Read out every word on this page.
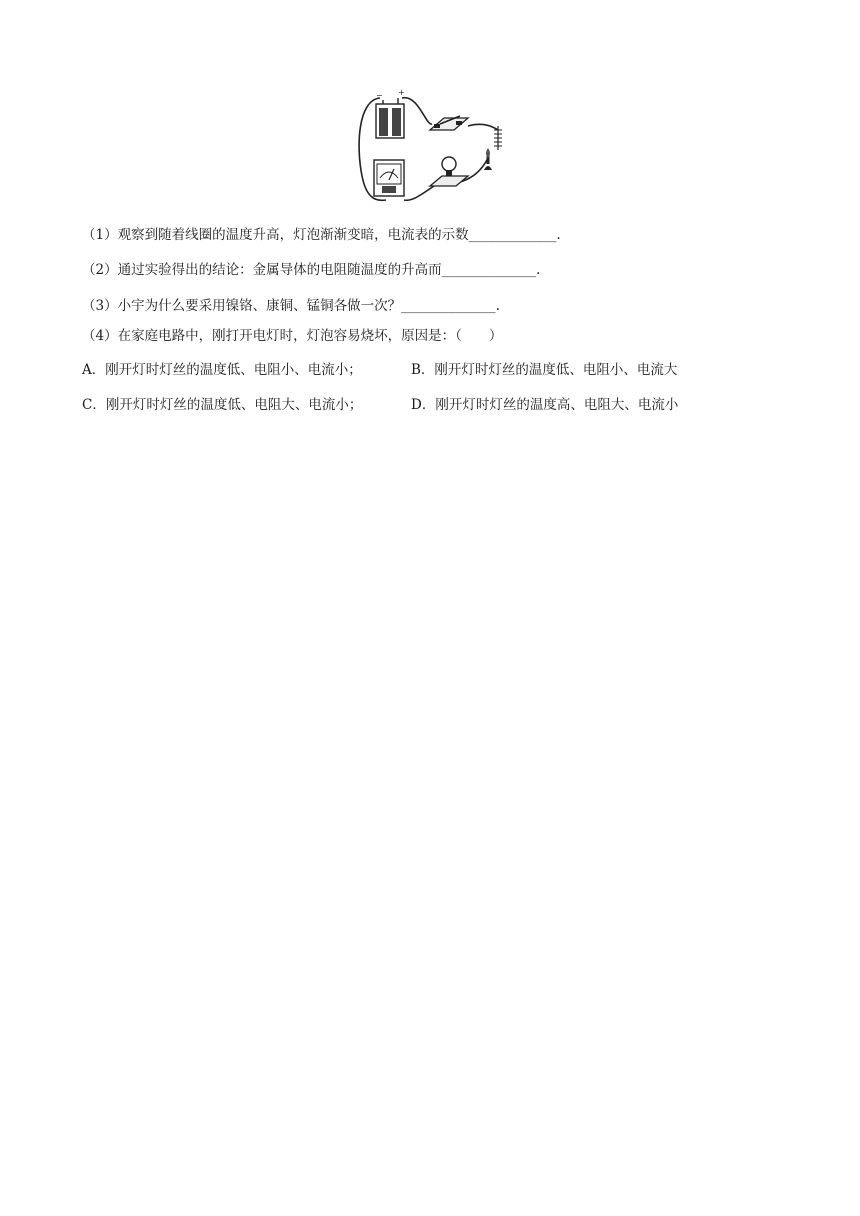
− +
（1）观察到随着线圈的温度升高，灯泡渐渐变暗，电流表的示数_____________.
（2）通过实验得出的结论：金属导体的电阻随温度的升高而______________.
（3）小宇为什么要采用镍铬、康铜、锰铜各做一次？______________.
（4）在家庭电路中，刚打开电灯时，灯泡容易烧坏，原因是：（　　）
A．刚开灯时灯丝的温度低、电阻小、电流小；	B．刚开灯时灯丝的温度低、电阻小、电流大
C．刚开灯时灯丝的温度低、电阻大、电流小；	D．刚开灯时灯丝的温度高、电阻大、电流小
